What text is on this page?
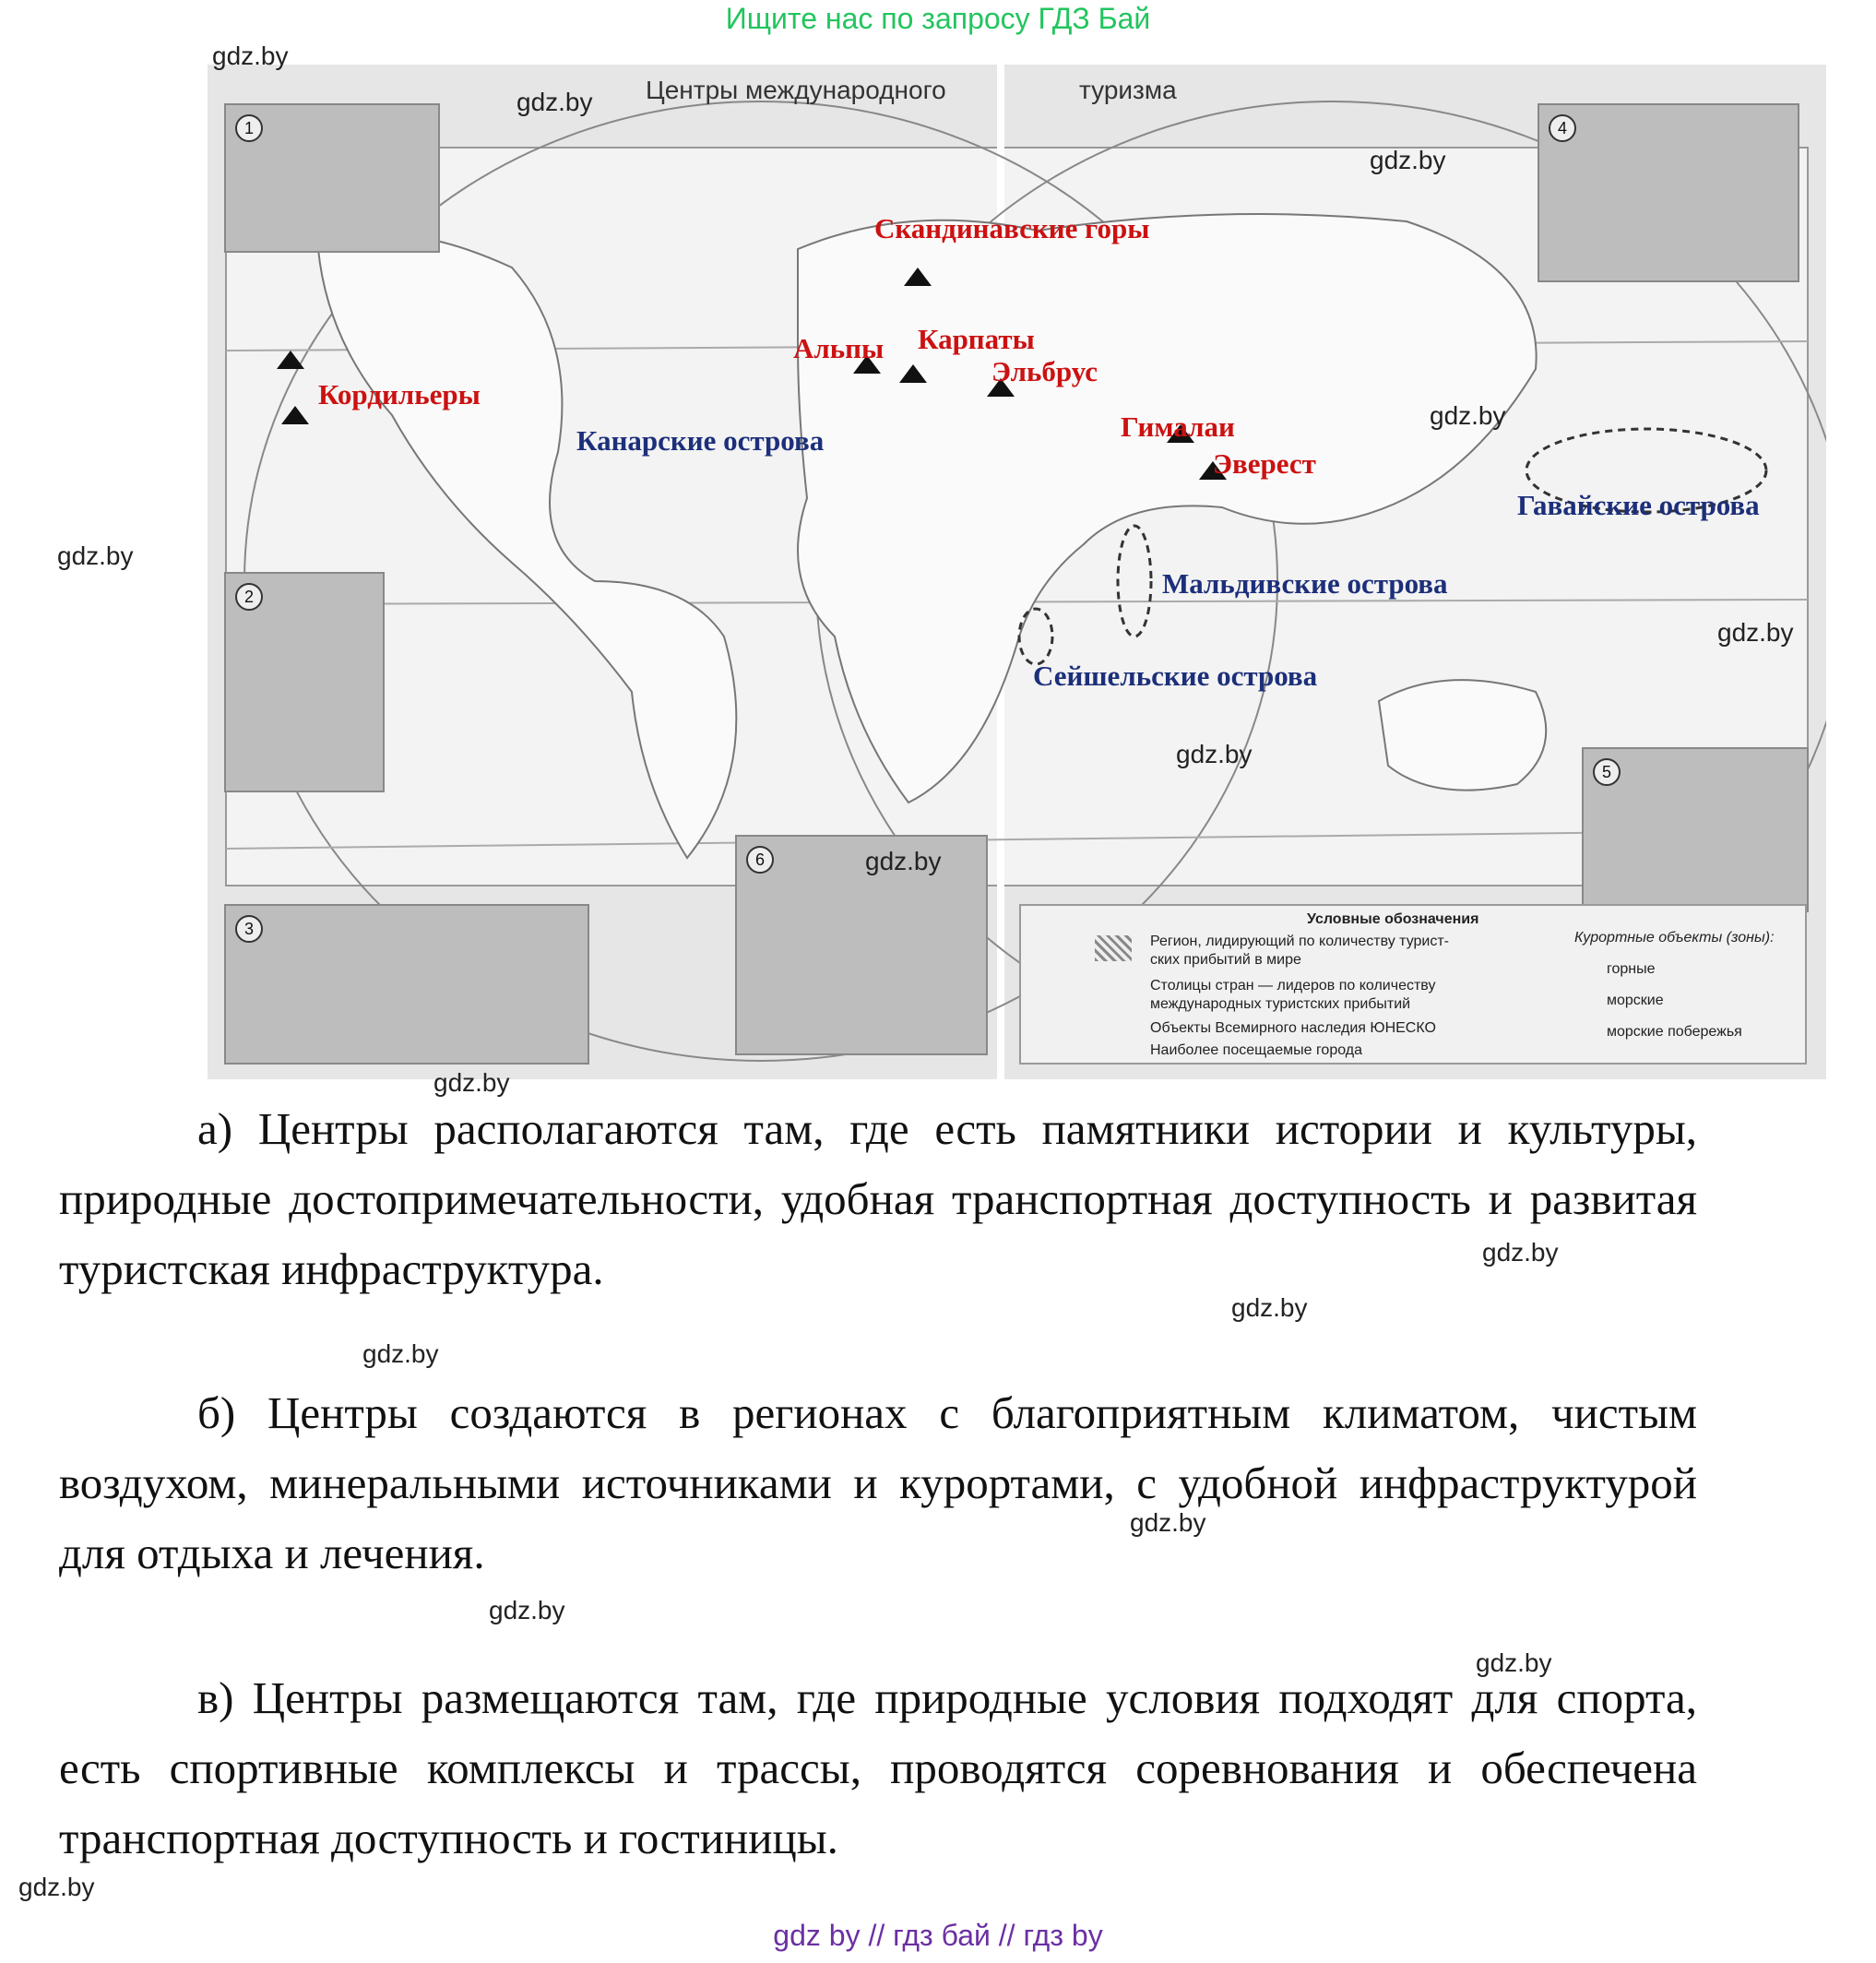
Ищите нас по запросу ГДЗ Бай
Центры международного	туризма
1
2
3
4
5
6
Скандинавские горы
Альпы Карпаты
Эльбрус
Кордильеры
Гималаи
Эверест
Канарские острова
Гавайские острова
Мальдивские острова
Сейшельские острова
Условные обозначения
Регион, лидирующий по количеству турист-
ских прибытий в мире
Столицы стран — лидеров по количеству
международных туристских прибытий
Объекты Всемирного наследия ЮНЕСКО
Наиболее посещаемые города
Курортные объекты (зоны):
горные
морские
морские побережья
gdz.by
gdz.by
gdz.by
gdz.by
gdz.by
gdz.by
gdz.by
gdz.by
gdz.by
gdz.by
gdz.by
gdz.by
gdz.by
gdz.by
gdz.by
gdz.by
а) Центры располагаются там, где есть памятники истории и культуры, природные достопримечательности, удобная транспортная доступность и развитая туристская инфраструктура.
б) Центры создаются в регионах с благоприятным климатом, чистым воздухом, минеральными источниками и курортами, с удобной инфраструктурой для отдыха и лечения.
в) Центры размещаются там, где природные условия подходят для спорта, есть спортивные комплексы и трассы, проводятся соревнования и обеспечена транспортная доступность и гостиницы.
gdz by // гдз бай // гдз by
